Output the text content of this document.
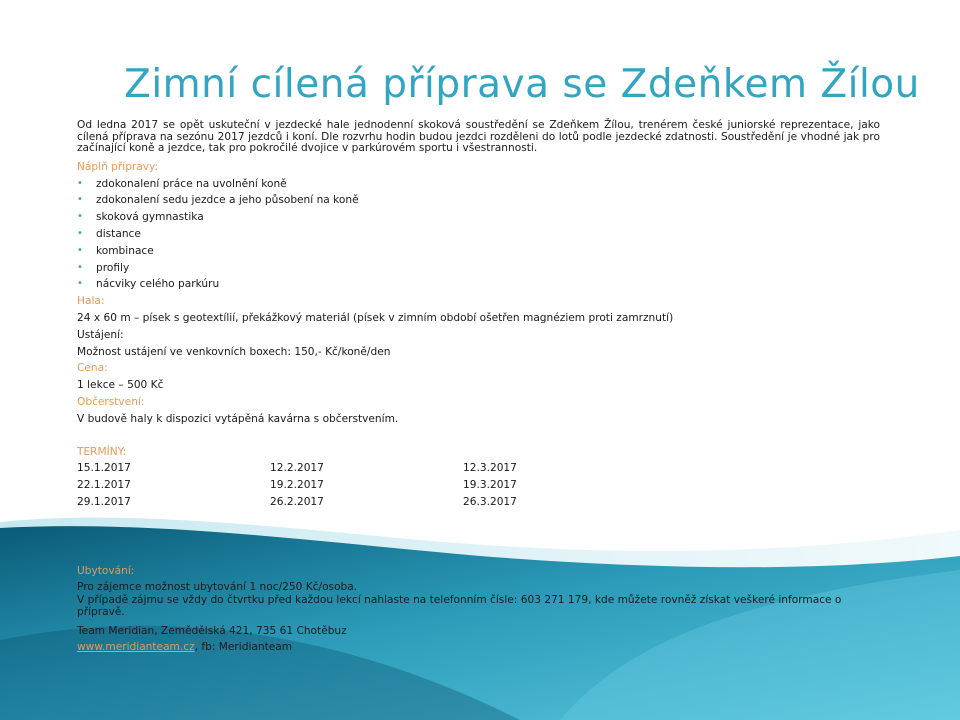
Zimní cílená příprava se Zdeňkem Žílou
Od ledna 2017 se opět uskuteční v jezdecké hale jednodenní skoková soustředění se Zdeňkem Žílou, trenérem české juniorské reprezentace, jako cílená příprava na sezónu 2017 jezdců i koní. Dle rozvrhu hodin budou jezdci rozděleni do lotů podle jezdecké zdatnosti. Soustředění je vhodné jak pro začínající koně a jezdce, tak pro pokročilé dvojice v parkúrovém sportu i všestrannosti.
Náplň přípravy:
• zdokonalení práce na uvolnění koně
• zdokonalení sedu jezdce a jeho působení na koně
• skoková gymnastika
• distance
• kombinace
• profily
• nácviky celého parkúru
Hala:
24 x 60 m – písek s geotextílií, překážkový materiál (písek v zimním období ošetřen magnéziem proti zamrznutí)
Ustájení:
Možnost ustájení ve venkovních boxech: 150,- Kč/koně/den
Cena:
1 lekce – 500 Kč
Občerstvení:
V budově haly k dispozici vytápěná kavárna s občerstvením.
TERMÍNY:
15.1.2017	12.2.2017	12.3.2017
22.1.2017	19.2.2017	19.3.2017
29.1.2017	26.2.2017	26.3.2017
Ubytování:
Pro zájemce možnost ubytování 1 noc/250 Kč/osoba.
V případě zájmu se vždy do čtvrtku před každou lekcí nahlaste na telefonním čísle: 603 271 179, kde můžete rovněž získat veškeré informace o přípravě.
Team Meridian, Zemědělská 421, 735 61 Chotěbuz
www.meridianteam.cz, fb: Meridianteam
